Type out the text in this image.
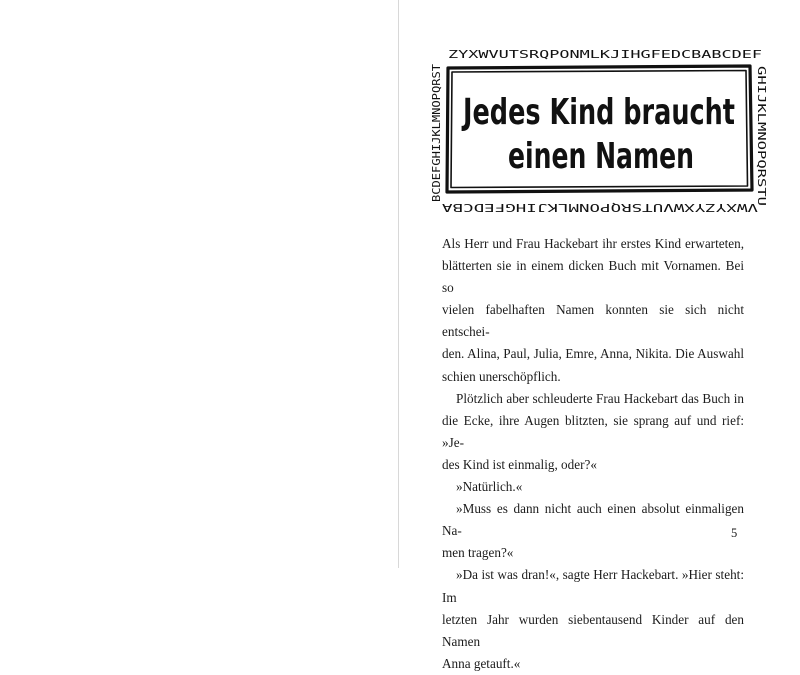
ZYXWVUTSRQPONMLKJIHGFEDCBABCDEF
GHIJKLMNOPQRSTU
VWXYZYXWVUTSRQPONMLKJIHGFEDCBA
BCDEFGHIJKLMNOPQRST Jedes Kind braucht
einen Namen
Als Herr und Frau Hackebart ihr erstes Kind erwarteten,
blätterten sie in einem dicken Buch mit Vornamen. Bei so
vielen fabelhaften Namen konnten sie sich nicht entschei-
den. Alina, Paul, Julia, Emre, Anna, Nikita. Die Auswahl
schien unerschöpflich.
Plötzlich aber schleuderte Frau Hackebart das Buch in
die Ecke, ihre Augen blitzten, sie sprang auf und rief: »Je-
des Kind ist einmalig, oder?«
»Natürlich.«
»Muss es dann nicht auch einen absolut einmaligen Na-
men tragen?«
»Da ist was dran!«, sagte Herr Hackebart. »Hier steht: Im
letzten Jahr wurden siebentausend Kinder auf den Namen
Anna getauft.«
5
